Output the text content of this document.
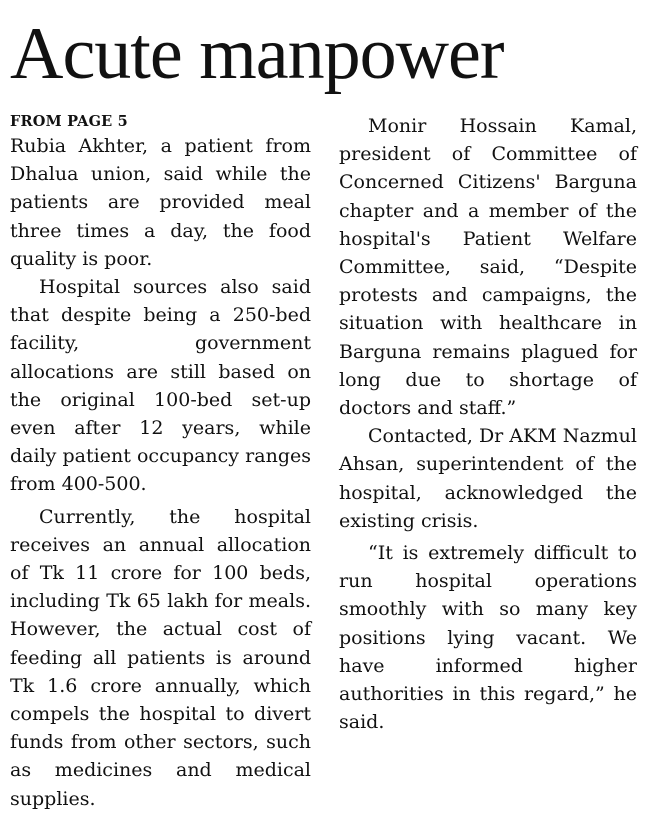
Acute manpower
FROM PAGE 5

Rubia Akhter, a patient from Dhalua union, said while the patients are provided meal three times a day, the food quality is poor.

Hospital sources also said that despite being a 250-bed facility, government allocations are still based on the original 100-bed set-up even after 12 years, while daily patient occupancy ranges from 400-500.

Currently, the hospital receives an annual allocation of Tk 11 crore for 100 beds, including Tk 65 lakh for meals. However, the actual cost of feeding all patients is around Tk 1.6 crore annually, which compels the hospital to divert funds from other sectors, such as medicines and medical supplies.

Monir Hossain Kamal, president of Committee of Concerned Citizens' Barguna chapter and a member of the hospital's Patient Welfare Committee, said, “Despite protests and campaigns, the situation with healthcare in Barguna remains plagued for long due to shortage of doctors and staff.”

Contacted, Dr AKM Nazmul Ahsan, superintendent of the hospital, acknowledged the existing crisis.

“It is extremely difficult to run hospital operations smoothly with so many key positions lying vacant. We have informed higher authorities in this regard,” he said.
